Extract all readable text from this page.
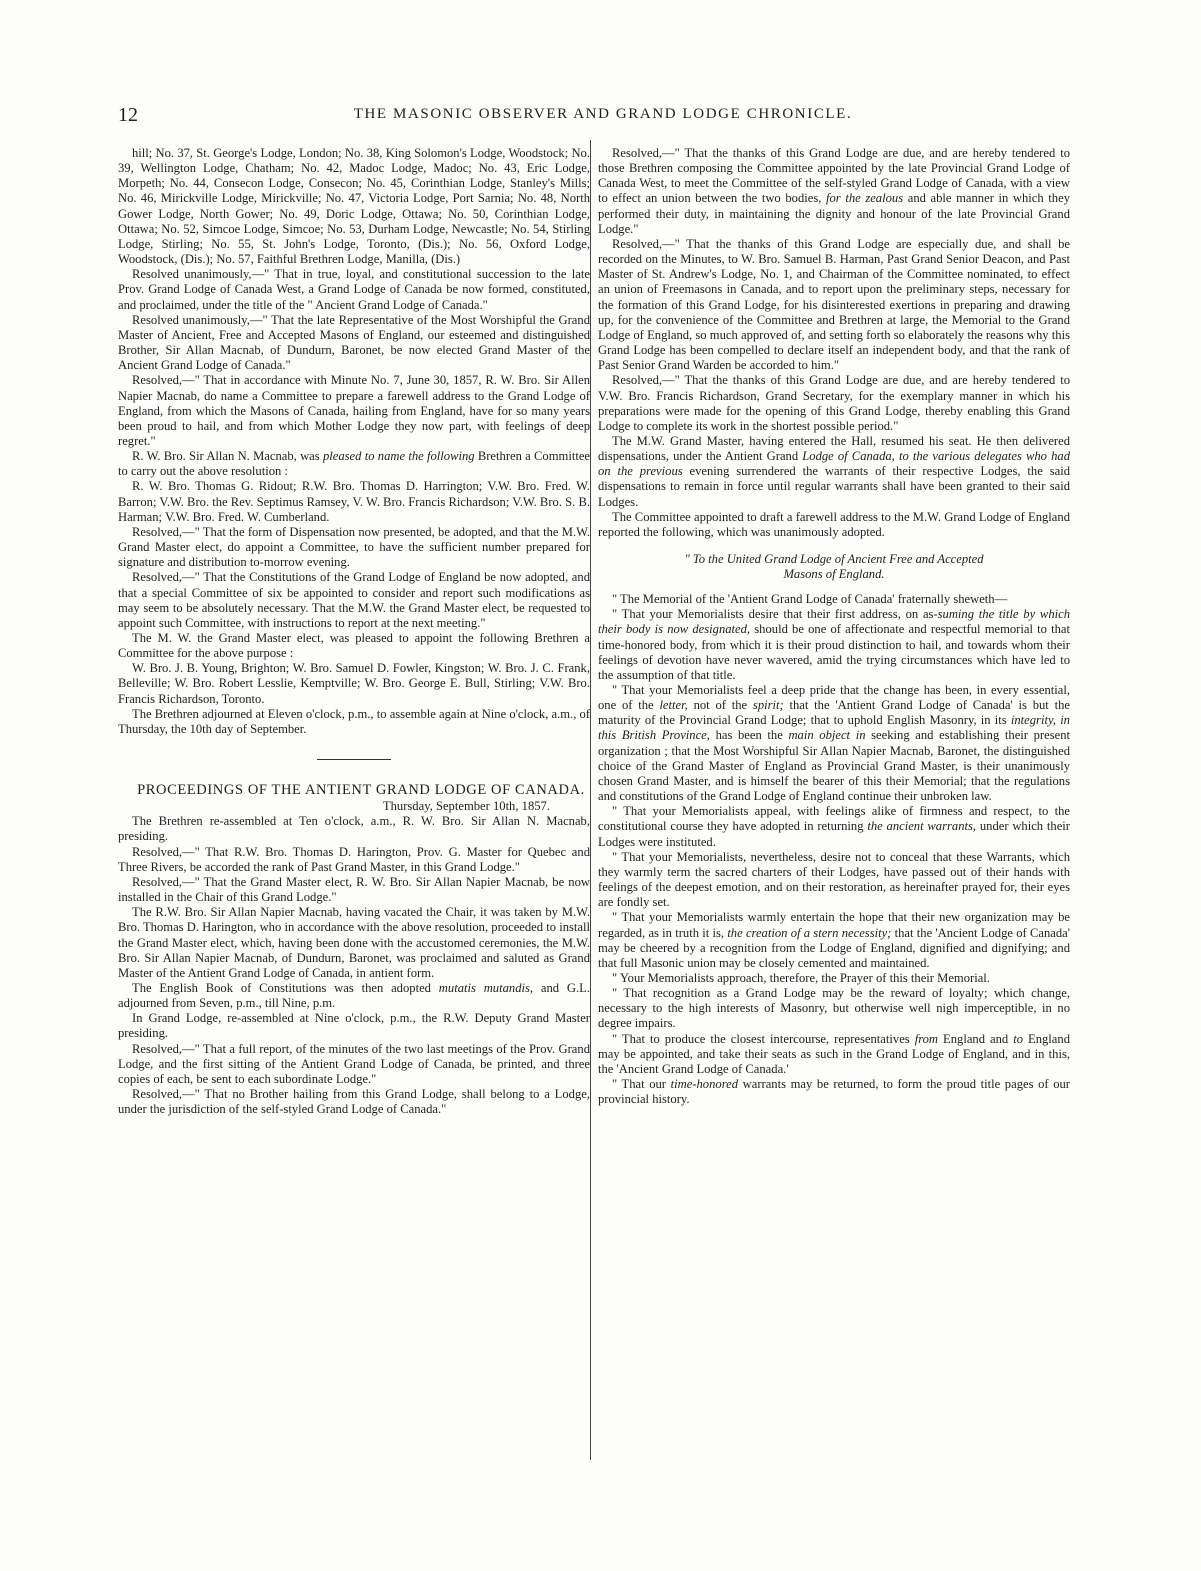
12	THE MASONIC OBSERVER AND GRAND LODGE CHRONICLE.

hill; No. 37, St. George's Lodge, London; No. 38, King Solomon's Lodge, Woodstock; No. 39, Wellington Lodge, Chatham; No. 42, Madoc Lodge, Madoc; No. 43, Eric Lodge, Morpeth; No. 44, Consecon Lodge, Consecon; No. 45, Corinthian Lodge, Stanley's Mills; No. 46, Mirickville Lodge, Mirickville; No. 47, Victoria Lodge, Port Sarnia; No. 48, North Gower Lodge, North Gower; No. 49, Doric Lodge, Ottawa; No. 50, Corinthian Lodge, Ottawa; No. 52, Simcoe Lodge, Simcoe; No. 53, Durham Lodge, Newcastle; No. 54, Stirling Lodge, Stirling; No. 55, St. John's Lodge, Toronto, (Dis.); No. 56, Oxford Lodge, Woodstock, (Dis.); No. 57, Faithful Brethren Lodge, Manilla, (Dis.)

Resolved unanimously,—" That in true, loyal, and constitutional succession to the late Prov. Grand Lodge of Canada West, a Grand Lodge of Canada be now formed, constituted, and proclaimed, under the title of the " Ancient Grand Lodge of Canada."

Resolved unanimously,—" That the late Representative of the Most Worshipful the Grand Master of Ancient, Free and Accepted Masons of England, our esteemed and distinguished Brother, Sir Allan Macnab, of Dundurn, Baronet, be now elected Grand Master of the Ancient Grand Lodge of Canada."

Resolved,—" That in accordance with Minute No. 7, June 30, 1857, R. W. Bro. Sir Allen Napier Macnab, do name a Committee to prepare a farewell address to the Grand Lodge of England, from which the Masons of Canada, hailing from England, have for so many years been proud to hail, and from which Mother Lodge they now part, with feelings of deep regret."

R. W. Bro. Sir Allan N. Macnab, was pleased to name the following Brethren a Committee to carry out the above resolution :

R. W. Bro. Thomas G. Ridout; R.W. Bro. Thomas D. Harrington; V.W. Bro. Fred. W. Barron; V.W. Bro. the Rev. Septimus Ramsey, V. W. Bro. Francis Richardson; V.W. Bro. S. B. Harman; V.W. Bro. Fred. W. Cumberland.

Resolved,—" That the form of Dispensation now presented, be adopted, and that the M.W. Grand Master elect, do appoint a Committee, to have the sufficient number prepared for signature and distribution to-morrow evening.

Resolved,—" That the Constitutions of the Grand Lodge of England be now adopted, and that a special Committee of six be appointed to consider and report such modifications as may seem to be absolutely necessary. That the M.W. the Grand Master elect, be requested to appoint such Committee, with instructions to report at the next meeting."

The M. W. the Grand Master elect, was pleased to appoint the following Brethren a Committee for the above purpose :

W. Bro. J. B. Young, Brighton; W. Bro. Samuel D. Fowler, Kingston; W. Bro. J. C. Frank, Belleville; W. Bro. Robert Lesslie, Kemptville; W. Bro. George E. Bull, Stirling; V.W. Bro. Francis Richardson, Toronto.

The Brethren adjourned at Eleven o'clock, p.m., to assemble again at Nine o'clock, a.m., of Thursday, the 10th day of September.

PROCEEDINGS OF THE ANTIENT GRAND LODGE OF CANADA.

Thursday, September 10th, 1857.

The Brethren re-assembled at Ten o'clock, a.m., R. W. Bro. Sir Allan N. Macnab, presiding.

Resolved,—" That R.W. Bro. Thomas D. Harington, Prov. G. Master for Quebec and Three Rivers, be accorded the rank of Past Grand Master, in this Grand Lodge."

Resolved,—" That the Grand Master elect, R. W. Bro. Sir Allan Napier Macnab, be now installed in the Chair of this Grand Lodge."

The R.W. Bro. Sir Allan Napier Macnab, having vacated the Chair, it was taken by M.W. Bro. Thomas D. Harington, who in accordance with the above resolution, proceeded to install the Grand Master elect, which, having been done with the accustomed ceremonies, the M.W. Bro. Sir Allan Napier Macnab, of Dundurn, Baronet, was proclaimed and saluted as Grand Master of the Antient Grand Lodge of Canada, in antient form.

The English Book of Constitutions was then adopted mutatis mutandis, and G.L. adjourned from Seven, p.m., till Nine, p.m.

In Grand Lodge, re-assembled at Nine o'clock, p.m., the R.W. Deputy Grand Master presiding.

Resolved,—" That a full report, of the minutes of the two last meetings of the Prov. Grand Lodge, and the first sitting of the Antient Grand Lodge of Canada, be printed, and three copies of each, be sent to each subordinate Lodge."

Resolved,—" That no Brother hailing from this Grand Lodge, shall belong to a Lodge, under the jurisdiction of the self-styled Grand Lodge of Canada."

Resolved,—" That the thanks of this Grand Lodge are due, and are hereby tendered to those Brethren composing the Committee appointed by the late Provincial Grand Lodge of Canada West, to meet the Committee of the self-styled Grand Lodge of Canada, with a view to effect an union between the two bodies, for the zealous and able manner in which they performed their duty, in maintaining the dignity and honour of the late Provincial Grand Lodge."

Resolved,—" That the thanks of this Grand Lodge are especially due, and shall be recorded on the Minutes, to W. Bro. Samuel B. Harman, Past Grand Senior Deacon, and Past Master of St. Andrew's Lodge, No. 1, and Chairman of the Committee nominated, to effect an union of Freemasons in Canada, and to report upon the preliminary steps, necessary for the formation of this Grand Lodge, for his disinterested exertions in preparing and drawing up, for the convenience of the Committee and Brethren at large, the Memorial to the Grand Lodge of England, so much approved of, and setting forth so elaborately the reasons why this Grand Lodge has been compelled to declare itself an independent body, and that the rank of Past Senior Grand Warden be accorded to him."

Resolved,—" That the thanks of this Grand Lodge are due, and are hereby tendered to V.W. Bro. Francis Richardson, Grand Secretary, for the exemplary manner in which his preparations were made for the opening of this Grand Lodge, thereby enabling this Grand Lodge to complete its work in the shortest possible period."

The M.W. Grand Master, having entered the Hall, resumed his seat. He then delivered dispensations, under the Antient Grand Lodge of Canada, to the various delegates who had on the previous evening surrendered the warrants of their respective Lodges, the said dispensations to remain in force until regular warrants shall have been granted to their said Lodges.

The Committee appointed to draft a farewell address to the M.W. Grand Lodge of England reported the following, which was unanimously adopted.

" To the United Grand Lodge of Ancient Free and Accepted
Masons of England.

" The Memorial of the 'Antient Grand Lodge of Canada' fraternally sheweth—

" That your Memorialists desire that their first address, on as-suming the title by which their body is now designated, should be one of affectionate and respectful memorial to that time-honored body, from which it is their proud distinction to hail, and towards whom their feelings of devotion have never wavered, amid the trying circumstances which have led to the assumption of that title.

" That your Memorialists feel a deep pride that the change has been, in every essential, one of the letter, not of the spirit; that the 'Antient Grand Lodge of Canada' is but the maturity of the Provincial Grand Lodge; that to uphold English Masonry, in its integrity, in this British Province, has been the main object in seeking and establishing their present organization ; that the Most Worshipful Sir Allan Napier Macnab, Baronet, the distinguished choice of the Grand Master of England as Provincial Grand Master, is their unanimously chosen Grand Master, and is himself the bearer of this their Memorial; that the regulations and constitutions of the Grand Lodge of England continue their unbroken law.

" That your Memorialists appeal, with feelings alike of firmness and respect, to the constitutional course they have adopted in returning the ancient warrants, under which their Lodges were instituted.

" That your Memorialists, nevertheless, desire not to conceal that these Warrants, which they warmly term the sacred charters of their Lodges, have passed out of their hands with feelings of the deepest emotion, and on their restoration, as hereinafter prayed for, their eyes are fondly set.

" That your Memorialists warmly entertain the hope that their new organization may be regarded, as in truth it is, the creation of a stern necessity; that the 'Ancient Lodge of Canada' may be cheered by a recognition from the Lodge of England, dignified and dignifying; and that full Masonic union may be closely cemented and maintained.

" Your Memorialists approach, therefore, the Prayer of this their Memorial.

" That recognition as a Grand Lodge may be the reward of loyalty; which change, necessary to the high interests of Masonry, but otherwise well nigh imperceptible, in no degree impairs.

" That to produce the closest intercourse, representatives from England and to England may be appointed, and take their seats as such in the Grand Lodge of England, and in this, the 'Ancient Grand Lodge of Canada.'

" That our time-honored warrants may be returned, to form the proud title pages of our provincial history.
